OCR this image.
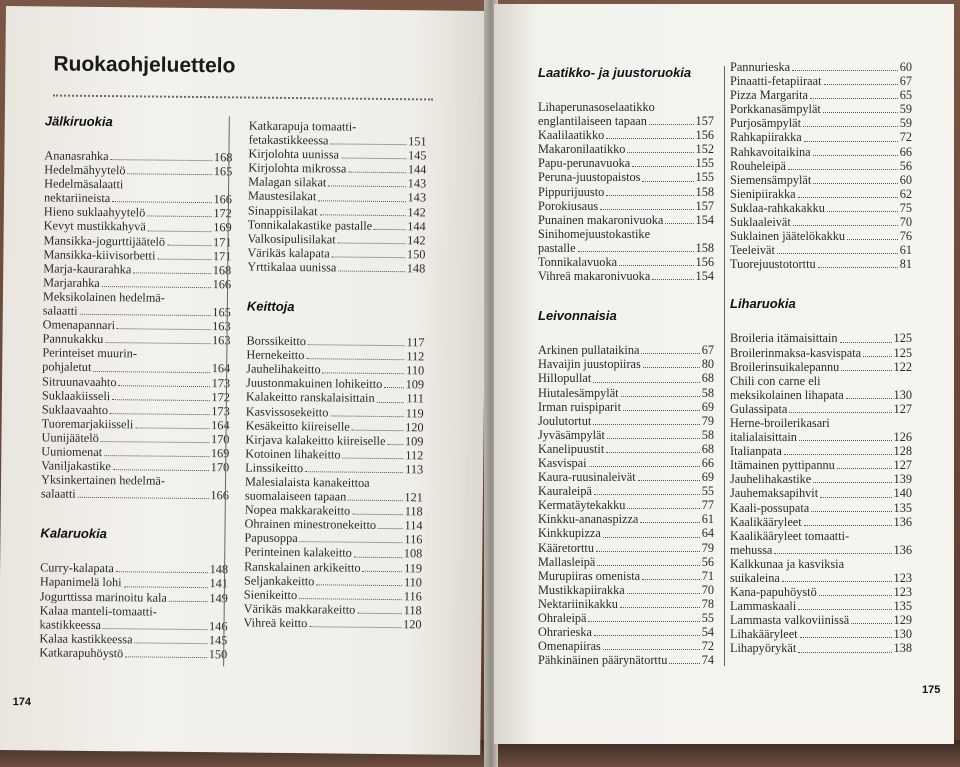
Ruokaohjeluettelo
Jälkiruokia
Ananasrahka	168
Hedelmähyytelö	165
Hedelmäsalaatti
nektariineista	166
Hieno suklaahyytelö	172
Kevyt mustikkahyvä	169
Mansikka-jogurttijäätelö	171
Mansikka-kiivisorbetti	171
Marja-kaurarahka	168
Marjarahka	166
Meksikolainen hedelmä-
salaatti	165
Omenapannari	163
Pannukakku	163
Perinteiset muurin-
pohjaletut	164
Sitruunavaahto	173
Suklaakiisseli	172
Suklaavaahto	173
Tuoremarjakiisseli	164
Uunijäätelö	170
Uuniomenat	169
Vaniljakastike	170
Yksinkertainen hedelmä-
salaatti	166
Kalaruokia
Curry-kalapata	148
Hapanimelä lohi	141
Jogurttissa marinoitu kala	149
Kalaa manteli-tomaatti-
kastikkeessa	146
Kalaa kastikkeessa	145
Katkarapuhöystö	150
Katkarapuja tomaatti-
fetakastikkeessa	151
Kirjolohta uunissa	145
Kirjolohta mikrossa	144
Malagan silakat	143
Maustesilakat	143
Sinappisilakat	142
Tonnikalakastike pastalle	144
Valkosipulisilakat	142
Värikäs kalapata	150
Yrttikalaa uunissa	148
Keittoja
Borssikeitto	117
Hernekeitto	112
Jauhelihakeitto	110
Juustonmakuinen lohikeitto 109
Kalakeitto ranskalaisittain	111
Kasvissosekeitto	119
Kesäkeitto kiireiselle	120
Kirjava kalakeitto kiireiselle 109
Kotoinen lihakeitto	112
Linssikeitto	113
Malesialaista kanakeittoa
suomalaiseen tapaan	121
Nopea makkarakeitto	118
Ohrainen minestronekeitto 114
Papusoppa	116
Perinteinen kalakeitto	108
Ranskalainen arkikeitto	119
Seljankakeitto	110
Sienikeitto	116
Värikäs makkarakeitto	118
Vihreä keitto	120
174
Laatikko- ja juustoruokia
Lihaperunasoselaatikko
englantilaiseen tapaan	157
Kaalilaatikko	156
Makaronilaatikko	152
Papu-perunavuoka	155
Peruna-juustopaistos	155
Pippurijuusto	158
Porokiusaus	157
Punainen makaronivuoka	154
Sinihomejuustokastike
pastalle	158
Tonnikalavuoka	156
Vihreä makaronivuoka	154
Leivonnaisia
Arkinen pullataikina	67
Havaijin juustopiiras	80
Hillopullat	68
Hiutalesämpylät	58
Irman ruispiparit	69
Joulutortut	79
Jyväsämpylät	58
Kanelipuustit	68
Kasvispai	66
Kaura-ruusinaleivät	69
Kauraleipä	55
Kermatäytekakku	77
Kinkku-ananaspizza	61
Kinkkupizza	64
Kääretorttu	79
Mallasleipä	56
Murupiiras omenista	71
Mustikkapiirakka	70
Nektariinikakku	78
Ohraleipä	55
Ohrarieska	54
Omenapiiras	72
Pähkinäinen päärynätorttu	74
Pannurieska	60
Pinaatti-fetapiiraat	67
Pizza Margarita	65
Porkkanasämpylät	59
Purjosämpylät	59
Rahkapiirakka	72
Rahkavoitaikina	66
Rouheleipä	56
Siemensämpylät	60
Sienipiirakka	62
Suklaa-rahkakakku	75
Suklaaleivät	70
Suklainen jäätelökakku	76
Teeleivät	61
Tuorejuustotorttu	81
Liharuokia
Broileria itämaisittain	125
Broilerinmaksa-kasvispata	125
Broilerinsuikalepannu	122
Chili con carne eli
meksikolainen lihapata	130
Gulassipata	127
Herne-broilerikasari
italialaisittain	126
Italianpata	128
Itämainen pyttipannu	127
Jauhelihakastike	139
Jauhemaksapihvit	140
Kaali-possupata	135
Kaalikääryleet	136
Kaalikääryleet tomaatti-
mehussa	136
Kalkkunaa ja kasviksia
suikaleina	123
Kana-papuhöystö	123
Lammaskaali	135
Lammasta valkoviinissä	129
Lihakääryleet	130
Lihapyörykät	138
175
